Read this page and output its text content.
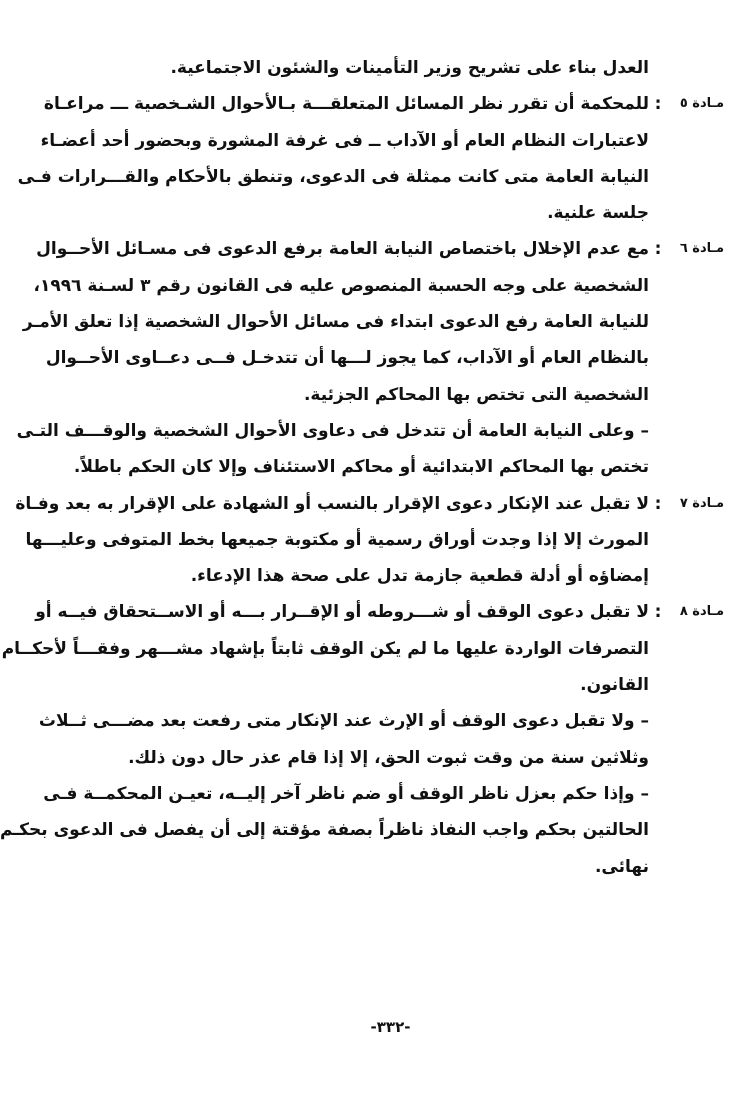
العدل بناء على تشريح وزير التأمينات والشئون الاجتماعية.
مـادة ٥
:
للمحكمة أن تقرر نظر المسائل المتعلقـــة بـالأحوال الشـخصية ـــ مراعـاة
لاعتبارات النظام العام أو الآداب ــ فى غرفة المشورة وبحضور أحد أعضـاء
النيابة العامة متى كانت ممثلة فى الدعوى، وتنطق بالأحكام والقـــرارات فـى
جلسة علنية.
مـادة ٦
:
مع عدم الإخلال باختصاص النيابة العامة برفع الدعوى فى مسـائل الأحــوال
الشخصية على وجه الحسبة المنصوص عليه فى القانون رقم ٣ لسـنة ١٩٩٦،
للنيابة العامة رفع الدعوى ابتداء فى مسائل الأحوال الشخصية إذا تعلق الأمـر
بالنظام العام أو الآداب، كما يجوز لـــها أن تتدخـل فــى دعــاوى الأحــوال
الشخصية التى تختص بها المحاكم الجزئية.
– وعلى النيابة العامة أن تتدخل فى دعاوى الأحوال الشخصية والوقـــف التـى
تختص بها المحاكم الابتدائية أو محاكم الاستئناف وإلا كان الحكم باطلاً.
مـادة ٧
:
لا تقبل عند الإنكار دعوى الإقرار بالنسب أو الشهادة على الإقرار به بعد وفـاة
المورث إلا إذا وجدت أوراق رسمية أو مكتوبة جميعها بخط المتوفى وعليـــها
إمضاؤه أو أدلة قطعية جازمة تدل على صحة هذا الإدعاء.
مـادة ٨
:
لا تقبل دعوى الوقف أو شـــروطه أو الإقــرار بـــه أو الاســتحقاق فيــه أو
التصرفات الواردة عليها ما لم يكن الوقف ثابتاً بإشهاد مشـــهر وفقـــاً لأحكــام
القانون.
– ولا تقبل دعوى الوقف أو الإرث عند الإنكار متى رفعت بعد مضـــى ثــلاث
وثلاثين سنة من وقت ثبوت الحق، إلا إذا قام عذر حال دون ذلك.
– وإذا حكم بعزل ناظر الوقف أو ضم ناظر آخر إليــه، تعيـن المحكمــة فـى
الحالتين بحكم واجب النفاذ ناظراً بصفة مؤقتة إلى أن يفصل فى الدعوى بحكـم
نهائى.
-٣٣٢-
